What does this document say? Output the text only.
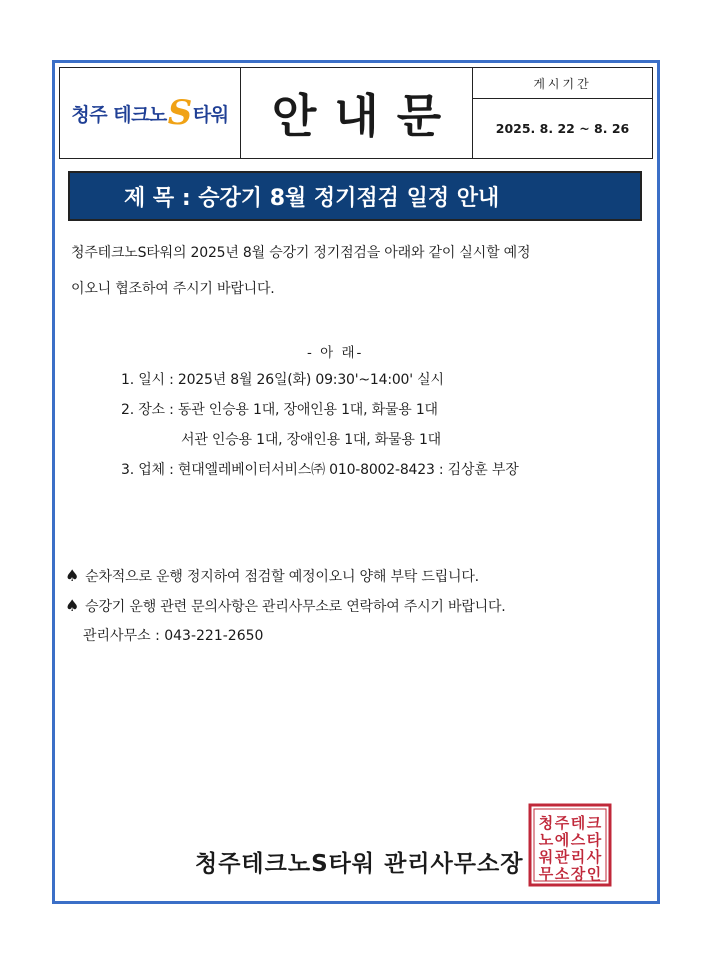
청주 테크노 S 타워 안내문
게시기간
2025. 8. 22 ~ 8. 26
제 목 : 승강기 8월 정기점검 일정 안내
청주테크노S타워의 2025년 8월 승강기 정기점검을 아래와 같이 실시할 예정
이오니 협조하여 주시기 바랍니다.
- 아 래-
1. 일시 : 2025년 8월 26일(화) 09:30'~14:00' 실시
2. 장소 : 동관 인승용 1대, 장애인용 1대, 화물용 1대
서관 인승용 1대, 장애인용 1대, 화물용 1대
3. 업체 : 현대엘레베이터서비스㈜ 010-8002-8423 : 김상훈 부장
♠ 순차적으로 운행 정지하여 점검할 예정이오니 양해 부탁 드립니다.
♠ 승강기 운행 관련 문의사항은 관리사무소로 연락하여 주시기 바랍니다.
관리사무소 : 043-221-2650
청주테크노S타워 관리사무소장
청 주 테 크
노 에 스 타
워 관 리 사
무 소 장 인
